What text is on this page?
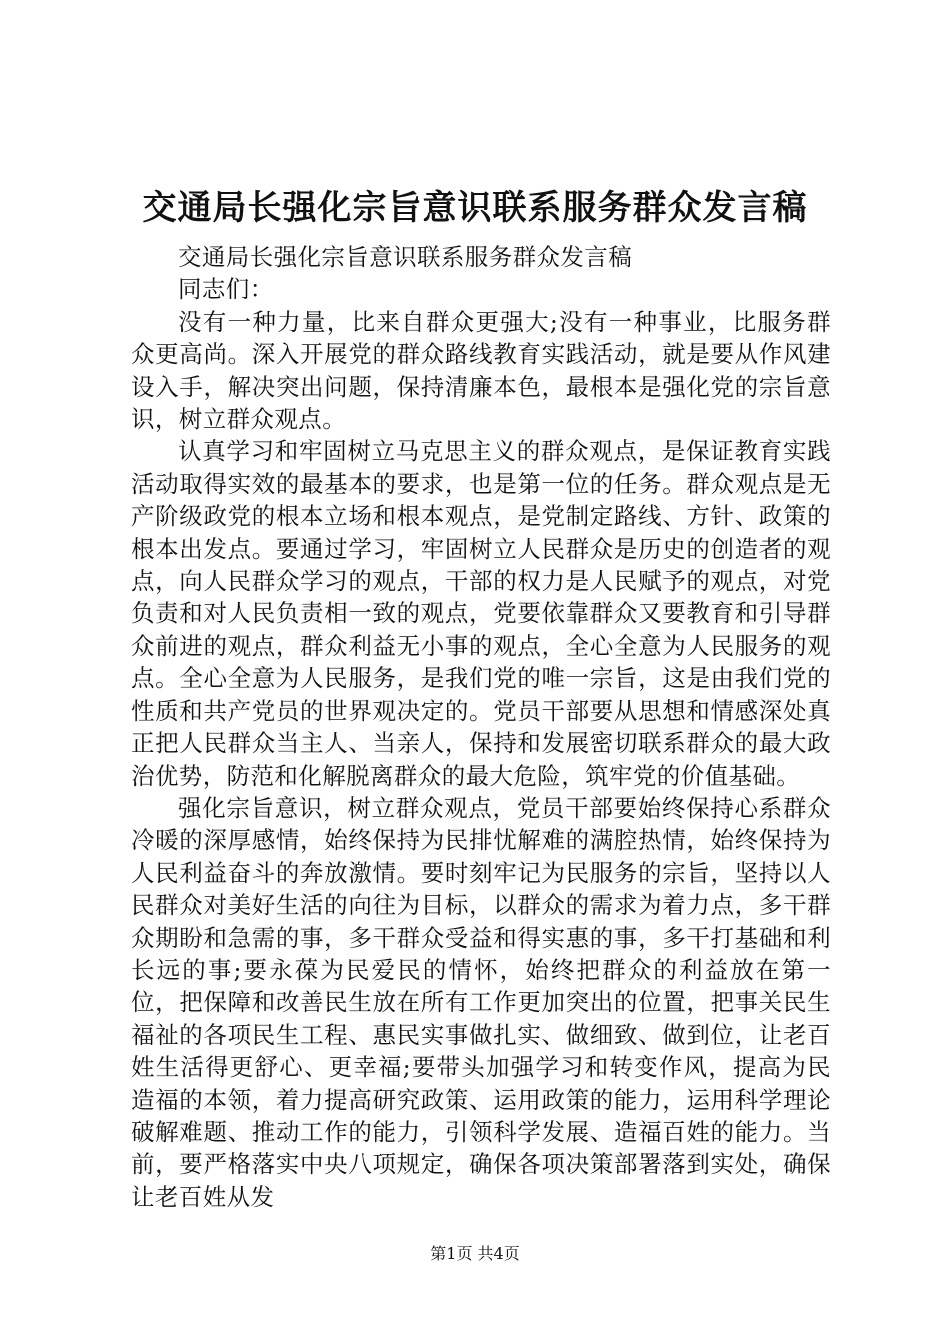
交通局长强化宗旨意识联系服务群众发言稿

交通局长强化宗旨意识联系服务群众发言稿

同志们：

没有一种力量，比来自群众更强大;没有一种事业，比服务群众更高尚。深入开展党的群众路线教育实践活动，就是要从作风建设入手，解决突出问题，保持清廉本色，最根本是强化党的宗旨意识，树立群众观点。

认真学习和牢固树立马克思主义的群众观点，是保证教育实践活动取得实效的最基本的要求，也是第一位的任务。群众观点是无产阶级政党的根本立场和根本观点，是党制定路线、方针、政策的根本出发点。要通过学习，牢固树立人民群众是历史的创造者的观点，向人民群众学习的观点，干部的权力是人民赋予的观点，对党负责和对人民负责相一致的观点，党要依靠群众又要教育和引导群众前进的观点，群众利益无小事的观点，全心全意为人民服务的观点。全心全意为人民服务，是我们党的唯一宗旨，这是由我们党的性质和共产党员的世界观决定的。党员干部要从思想和情感深处真正把人民群众当主人、当亲人，保持和发展密切联系群众的最大政治优势，防范和化解脱离群众的最大危险，筑牢党的价值基础。

强化宗旨意识，树立群众观点，党员干部要始终保持心系群众冷暖的深厚感情，始终保持为民排忧解难的满腔热情，始终保持为人民利益奋斗的奔放激情。要时刻牢记为民服务的宗旨，坚持以人民群众对美好生活的向往为目标，以群众的需求为着力点，多干群众期盼和急需的事，多干群众受益和得实惠的事，多干打基础和利长远的事;要永葆为民爱民的情怀，始终把群众的利益放在第一位，把保障和改善民生放在所有工作更加突出的位置，把事关民生福祉的各项民生工程、惠民实事做扎实、做细致、做到位，让老百姓生活得更舒心、更幸福;要带头加强学习和转变作风，提高为民造福的本领，着力提高研究政策、运用政策的能力，运用科学理论破解难题、推动工作的能力，引领科学发展、造福百姓的能力。当前，要严格落实中央八项规定，确保各项决策部署落到实处，确保让老百姓从发

第1页 共4页
